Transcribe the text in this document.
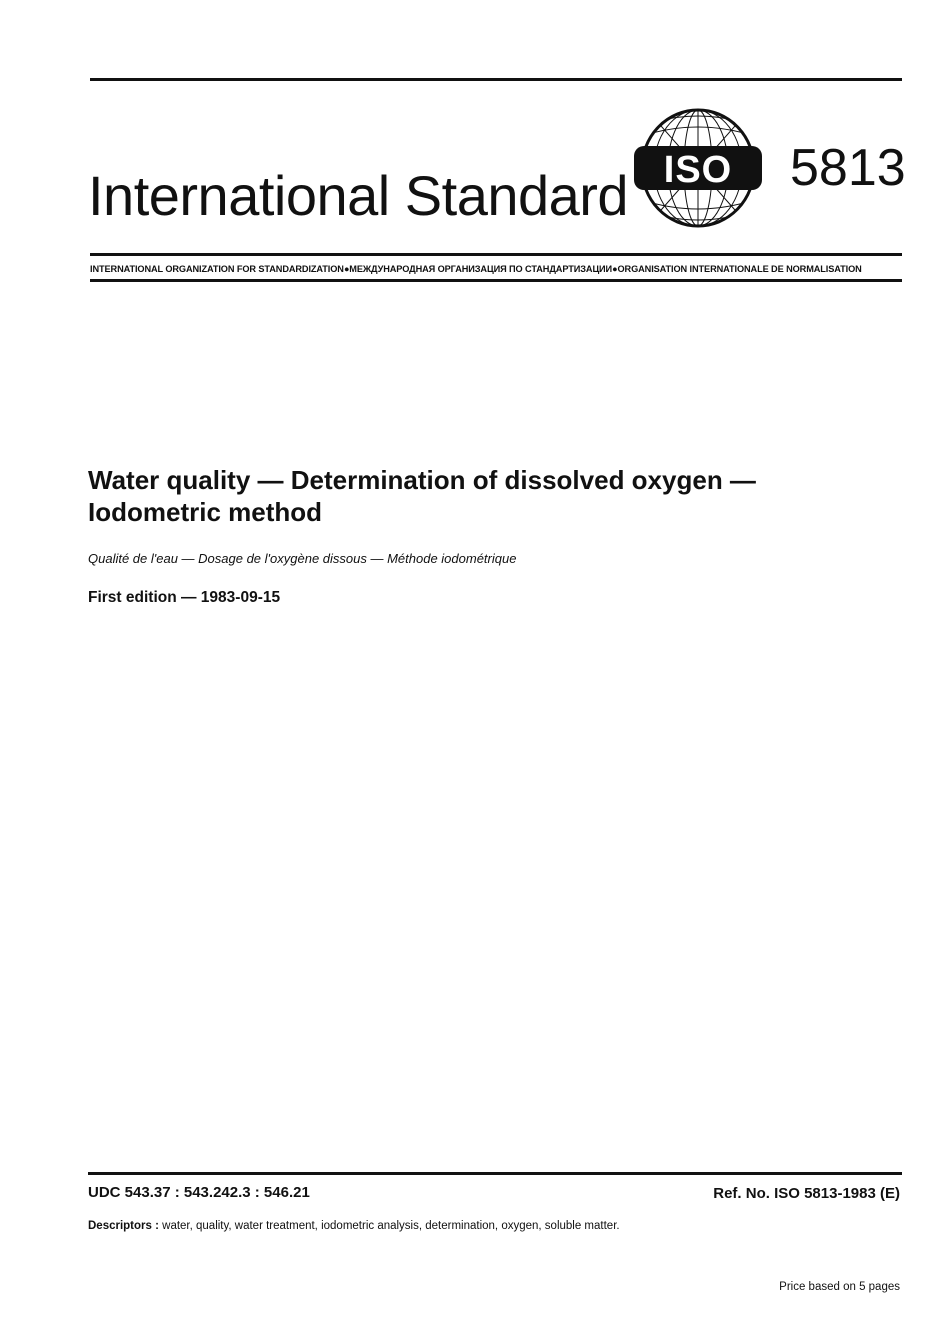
International Standard ISO 5813
INTERNATIONAL ORGANIZATION FOR STANDARDIZATION●МЕЖДУНАРОДНАЯ ОРГАНИЗАЦИЯ ПО СТАНДАРТИЗАЦИИ●ORGANISATION INTERNATIONALE DE NORMALISATION
Water quality — Determination of dissolved oxygen —
Iodometric method
Qualité de l'eau — Dosage de l'oxygène dissous — Méthode iodométrique
First edition — 1983-09-15
UDC 543.37 : 543.242.3 : 546.21	Ref. No. ISO 5813-1983 (E)
Descriptors : water, quality, water treatment, iodometric analysis, determination, oxygen, soluble matter.
Price based on 5 pages
